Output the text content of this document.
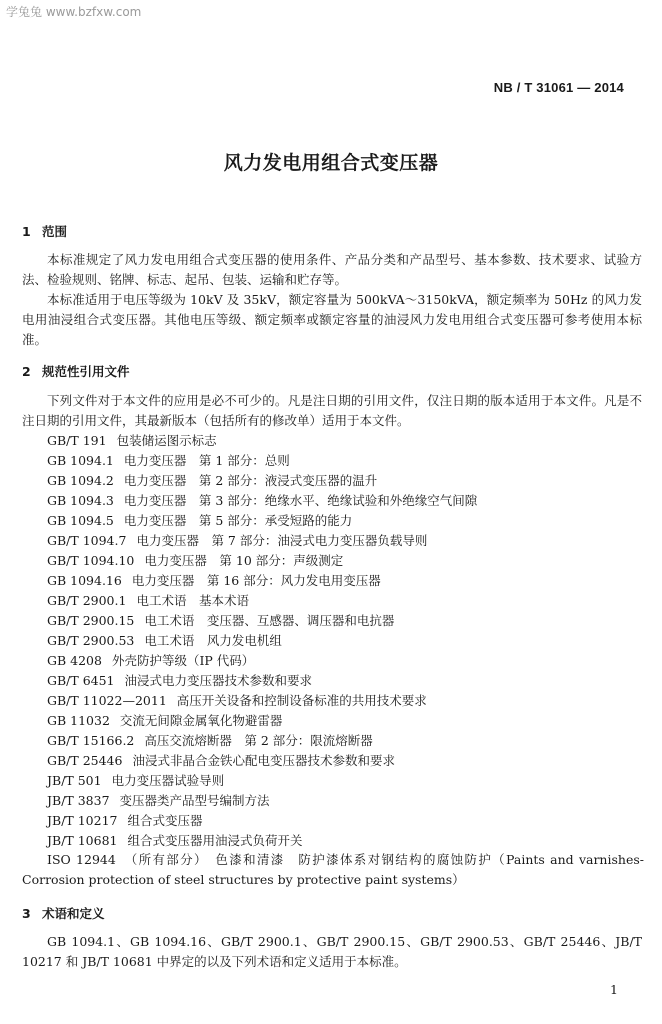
学兔兔 www.bzfxw.com
NB / T 31061 — 2014
风力发电用组合式变压器
1 范围
本标准规定了风力发电用组合式变压器的使用条件、产品分类和产品型号、基本参数、技术要求、试验方法、检验规则、铭牌、标志、起吊、包装、运输和贮存等。
本标准适用于电压等级为 10kV 及 35kV，额定容量为 500kVA～3150kVA，额定频率为 50Hz 的风力发电用油浸组合式变压器。其他电压等级、额定频率或额定容量的油浸风力发电用组合式变压器可参考使用本标准。
2 规范性引用文件
下列文件对于本文件的应用是必不可少的。凡是注日期的引用文件，仅注日期的版本适用于本文件。凡是不注日期的引用文件，其最新版本（包括所有的修改单）适用于本文件。
GB/T 191 包装储运图示标志
GB 1094.1 电力变压器　第 1 部分：总则
GB 1094.2 电力变压器　第 2 部分：液浸式变压器的温升
GB 1094.3 电力变压器　第 3 部分：绝缘水平、绝缘试验和外绝缘空气间隙
GB 1094.5 电力变压器　第 5 部分：承受短路的能力
GB/T 1094.7 电力变压器　第 7 部分：油浸式电力变压器负载导则
GB/T 1094.10 电力变压器　第 10 部分：声级测定
GB 1094.16 电力变压器　第 16 部分：风力发电用变压器
GB/T 2900.1 电工术语　基本术语
GB/T 2900.15 电工术语　变压器、互感器、调压器和电抗器
GB/T 2900.53 电工术语　风力发电机组
GB 4208 外壳防护等级（IP 代码）
GB/T 6451 油浸式电力变压器技术参数和要求
GB/T 11022—2011 高压开关设备和控制设备标准的共用技术要求
GB 11032 交流无间隙金属氧化物避雷器
GB/T 15166.2 高压交流熔断器　第 2 部分：限流熔断器
GB/T 25446 油浸式非晶合金铁心配电变压器技术参数和要求
JB/T 501 电力变压器试验导则
JB/T 3837 变压器类产品型号编制方法
JB/T 10217 组合式变压器
JB/T 10681 组合式变压器用油浸式负荷开关
ISO 12944　（所有部分）　色漆和清漆　防护漆体系对钢结构的腐蚀防护（Paints and varnishes-Corrosion protection of steel structures by protective paint systems）
3 术语和定义
GB 1094.1、GB 1094.16、GB/T 2900.1、GB/T 2900.15、GB/T 2900.53、GB/T 25446、JB/T 10217 和 JB/T 10681 中界定的以及下列术语和定义适用于本标准。
1
